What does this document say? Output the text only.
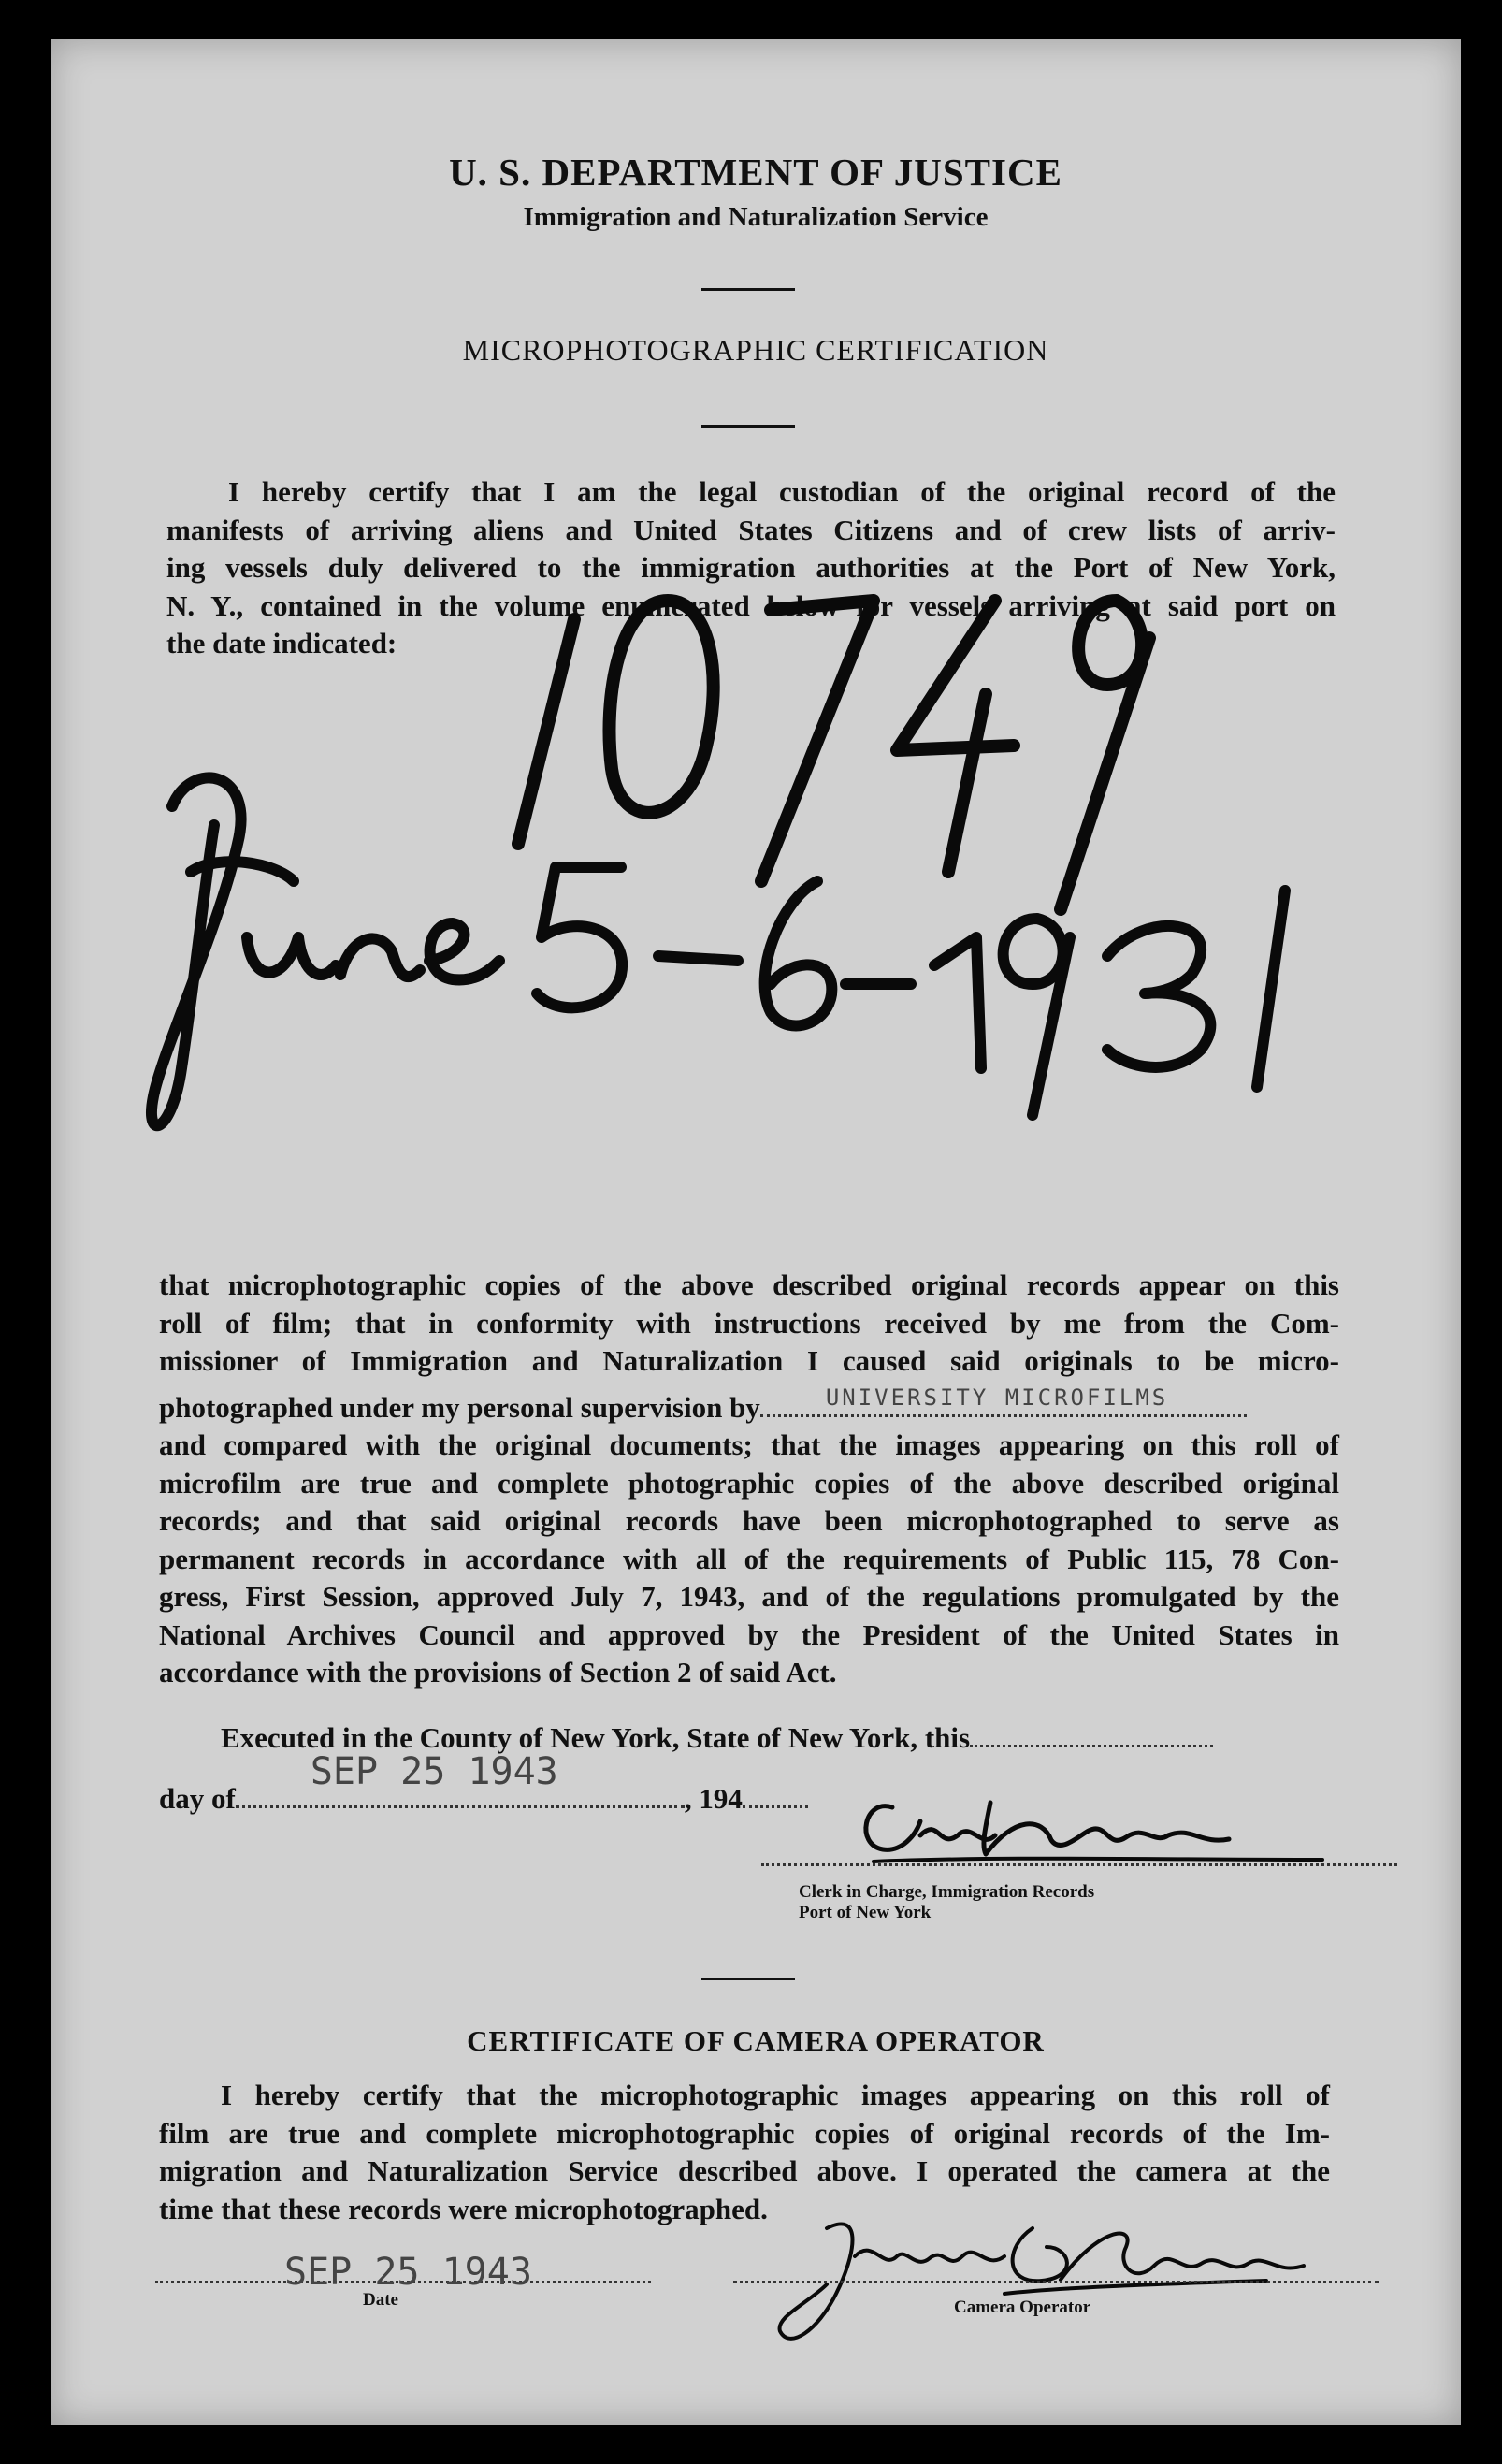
U. S. DEPARTMENT OF JUSTICE
Immigration and Naturalization Service
MICROPHOTOGRAPHIC CERTIFICATION
I hereby certify that I am the legal custodian of the original record of the
manifests of arriving aliens and United States Citizens and of crew lists of arriv-
ing vessels duly delivered to the immigration authorities at the Port of New York,
N. Y., contained in the volume enumerated below for vessels arriving at said port on
the date indicated:
that microphotographic copies of the above described original records appear on this
roll of film; that in conformity with instructions received by me from the Com-
missioner of Immigration and Naturalization I caused said originals to be micro-
photographed under my personal supervision by	UNIVERSITY MICROFILMS
and compared with the original documents; that the images appearing on this roll of
microfilm are true and complete photographic copies of the above described original
records; and that said original records have been microphotographed to serve as
permanent records in accordance with all of the requirements of Public 115, 78 Con-
gress, First Session, approved July 7, 1943, and of the regulations promulgated by the
National Archives Council and approved by the President of the United States in
accordance with the provisions of Section 2 of said Act.
Executed in the County of New York, State of New York, this
day of
SEP 25 1943
, 194
Clerk in Charge, Immigration Records
Port of New York
CERTIFICATE OF CAMERA OPERATOR
I hereby certify that the microphotographic images appearing on this roll of
film are true and complete microphotographic copies of original records of the Im-
migration and Naturalization Service described above. I operated the camera at the
time that these records were microphotographed.
SEP 25 1943
Date	Camera Operator
